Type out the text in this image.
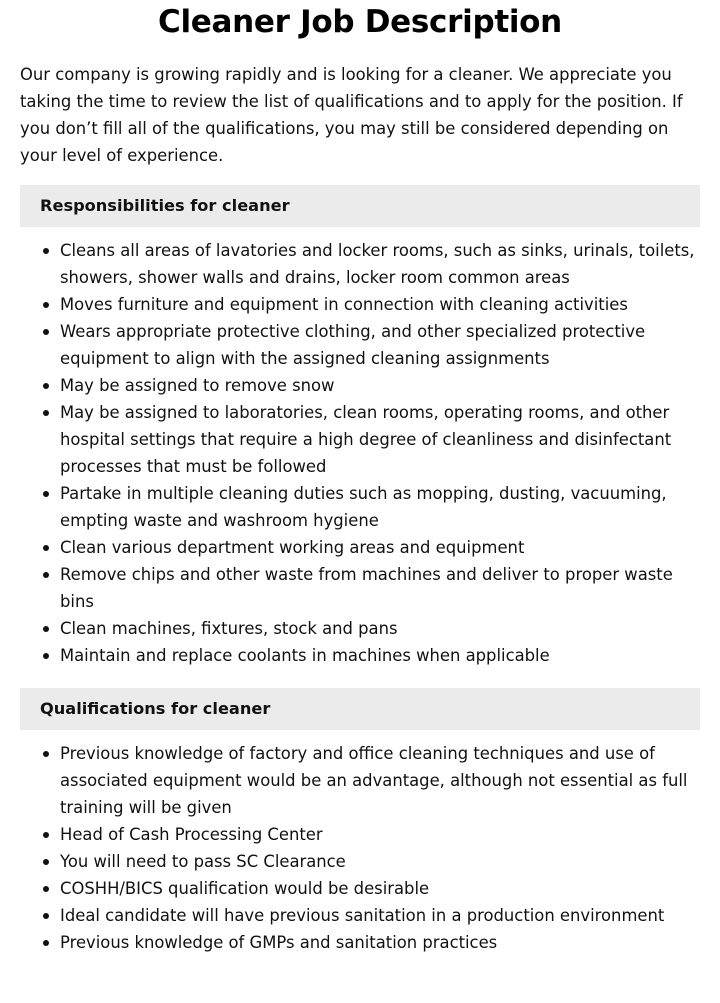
Cleaner Job Description

Our company is growing rapidly and is looking for a cleaner. We appreciate you taking the time to review the list of qualifications and to apply for the position. If you don’t fill all of the qualifications, you may still be considered depending on your level of experience.

Responsibilities for cleaner
Cleans all areas of lavatories and locker rooms, such as sinks, urinals, toilets, showers, shower walls and drains, locker room common areas
Moves furniture and equipment in connection with cleaning activities
Wears appropriate protective clothing, and other specialized protective equipment to align with the assigned cleaning assignments
May be assigned to remove snow
May be assigned to laboratories, clean rooms, operating rooms, and other hospital settings that require a high degree of cleanliness and disinfectant processes that must be followed
Partake in multiple cleaning duties such as mopping, dusting, vacuuming, empting waste and washroom hygiene
Clean various department working areas and equipment
Remove chips and other waste from machines and deliver to proper waste bins
Clean machines, fixtures, stock and pans
Maintain and replace coolants in machines when applicable
Qualifications for cleaner
Previous knowledge of factory and office cleaning techniques and use of associated equipment would be an advantage, although not essential as full training will be given
Head of Cash Processing Center
You will need to pass SC Clearance
COSHH/BICS qualification would be desirable
Ideal candidate will have previous sanitation in a production environment
Previous knowledge of GMPs and sanitation practices
